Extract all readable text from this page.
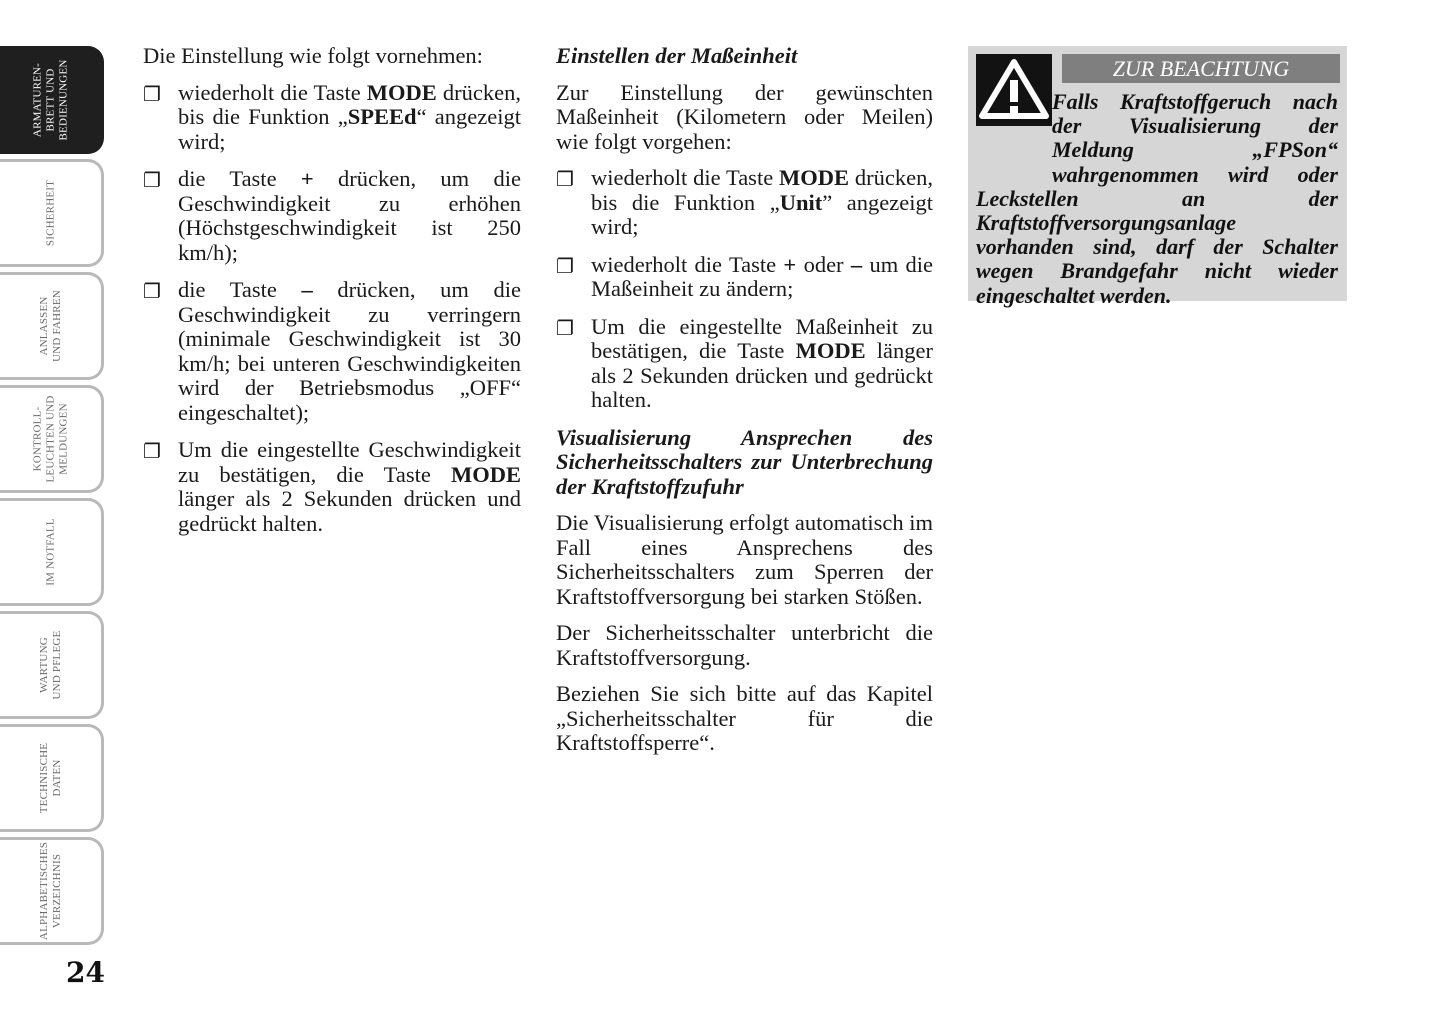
ARMATUREN-
BRETT UND
BEDIENUNGEN
SICHERHEIT
ANLASSEN
UND FAHREN
KONTROLL-
LEUCHTEN UND
MELDUNGEN
IM NOTFALL
WARTUNG
UND PFLEGE
TECHNISCHE
DATEN
ALPHABETISCHES
VERZEICHNIS
24

Die Einstellung wie folgt vornehmen:

❐ wiederholt die Taste MODE drücken, bis die Funktion „SPEEd“ angezeigt wird;
❐ die Taste + drücken, um die Geschwindigkeit zu erhöhen (Höchstgeschwindigkeit ist 250 km/h);
❐ die Taste – drücken, um die Geschwindigkeit zu verringern (minimale Geschwindigkeit ist 30 km/h; bei unteren Geschwindigkeiten wird der Betriebsmodus „OFF“ eingeschaltet);
❐ Um die eingestellte Geschwindigkeit zu bestätigen, die Taste MODE länger als 2 Sekunden drücken und gedrückt halten.

Einstellen der Maßeinheit

Zur Einstellung der gewünschten Maßeinheit (Kilometern oder Meilen) wie folgt vorgehen:

❐ wiederholt die Taste MODE drücken, bis die Funktion „Unit” angezeigt wird;
❐ wiederholt die Taste + oder – um die Maßeinheit zu ändern;
❐ Um die eingestellte Maßeinheit zu bestätigen, die Taste MODE länger als 2 Sekunden drücken und gedrückt halten.

Visualisierung Ansprechen des Sicherheitsschalters zur Unterbrechung der Kraftstoffzufuhr

Die Visualisierung erfolgt automatisch im Fall eines Ansprechens des Sicherheitsschalters zum Sperren der Kraftstoffversorgung bei starken Stößen.

Der Sicherheitsschalter unterbricht die Kraftstoffversorgung.

Beziehen Sie sich bitte auf das Kapitel „Sicherheitsschalter für die Kraftstoffsperre“.

ZUR BEACHTUNG
Falls Kraftstoffgeruch nach der Visualisierung der Meldung „FPSon“ wahrgenommen wird oder Leckstellen an der Kraftstoffversorgungsanlage vorhanden sind, darf der Schalter wegen Brandgefahr nicht wieder eingeschaltet werden.
